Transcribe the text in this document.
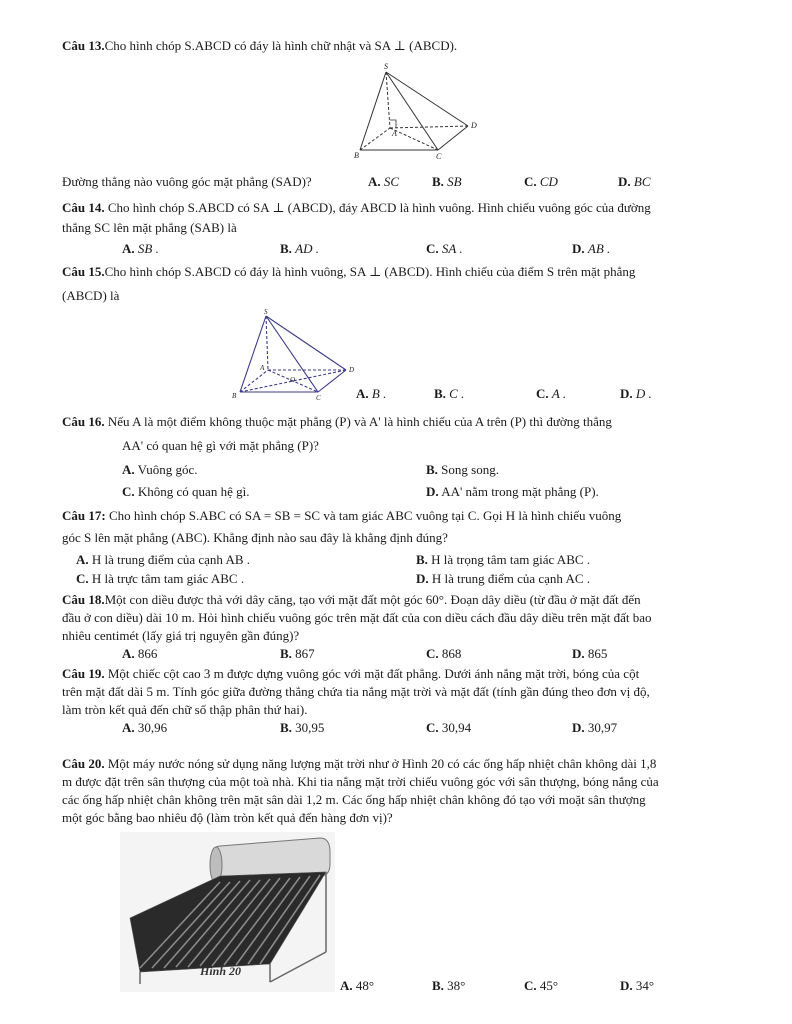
Câu 13.Cho hình chóp S.ABCD có đáy là hình chữ nhật và SA ⊥ (ABCD).
S
A
B	C
D
Đường thẳng nào vuông góc mặt phẳng (SAD)?	A. SC	B. SB	C. CD	D. BC
Câu 14. Cho hình chóp S.ABCD có SA ⊥ (ABCD), đáy ABCD là hình vuông. Hình chiếu vuông góc của đường
thẳng SC lên mặt phẳng (SAB) là
A. SB .	B. AD .	C. SA .	D. AB .
Câu 15.Cho hình chóp S.ABCD có đáy là hình vuông, SA ⊥ (ABCD). Hình chiếu của điểm S trên mặt phẳng
(ABCD) là
S
A
B	C
D
O
A. B .	B. C .	C. A .	D. D .
Câu 16. Nếu A là một điểm không thuộc mặt phẳng (P) và A' là hình chiếu của A trên (P) thì đường thẳng
AA' có quan hệ gì với mặt phẳng (P)?
A. Vuông góc.	B. Song song.
C. Không có quan hệ gì.	D. AA' nằm trong mặt phẳng (P).
Câu 17: Cho hình chóp S.ABC có SA = SB = SC và tam giác ABC vuông tại C. Gọi H là hình chiếu vuông
góc S lên mặt phẳng (ABC). Khẳng định nào sau đây là khẳng định đúng?
A. H là trung điểm của cạnh AB .	B. H là trọng tâm tam giác ABC .
C. H là trực tâm tam giác ABC .	D. H là trung điểm của cạnh AC .
Câu 18.Một con diều được thả với dây căng, tạo với mặt đất một góc 60°. Đoạn dây diều (từ đầu ở mặt đất đến
đầu ở con diều) dài 10 m. Hỏi hình chiếu vuông góc trên mặt đất của con diều cách đầu dây diều trên mặt đất bao
nhiêu centimét (lấy giá trị nguyên gần đúng)?
A. 866	B. 867	C. 868	D. 865
Câu 19. Một chiếc cột cao 3 m được dựng vuông góc với mặt đất phẳng. Dưới ánh nắng mặt trời, bóng của cột
trên mặt đất dài 5 m. Tính góc giữa đường thẳng chứa tia nắng mặt trời và mặt đất (tính gần đúng theo đơn vị độ,
làm tròn kết quả đến chữ số thập phân thứ hai).
A. 30,96	B. 30,95	C. 30,94	D. 30,97
Câu 20. Một máy nước nóng sử dụng năng lượng mặt trời như ở Hình 20 có các ống hấp nhiệt chân không dài 1,8
m được đặt trên sân thượng của một toà nhà. Khi tia nắng mặt trời chiếu vuông góc với sân thượng, bóng nắng của
các ống hấp nhiệt chân không trên mặt sân dài 1,2 m. Các ống hấp nhiệt chân không đó tạo với moặt sân thượng
một góc bằng bao nhiêu độ (làm tròn kết quả đến hàng đơn vị)?
Hình 20
A. 48°	B. 38°	C. 45°	D. 34°
